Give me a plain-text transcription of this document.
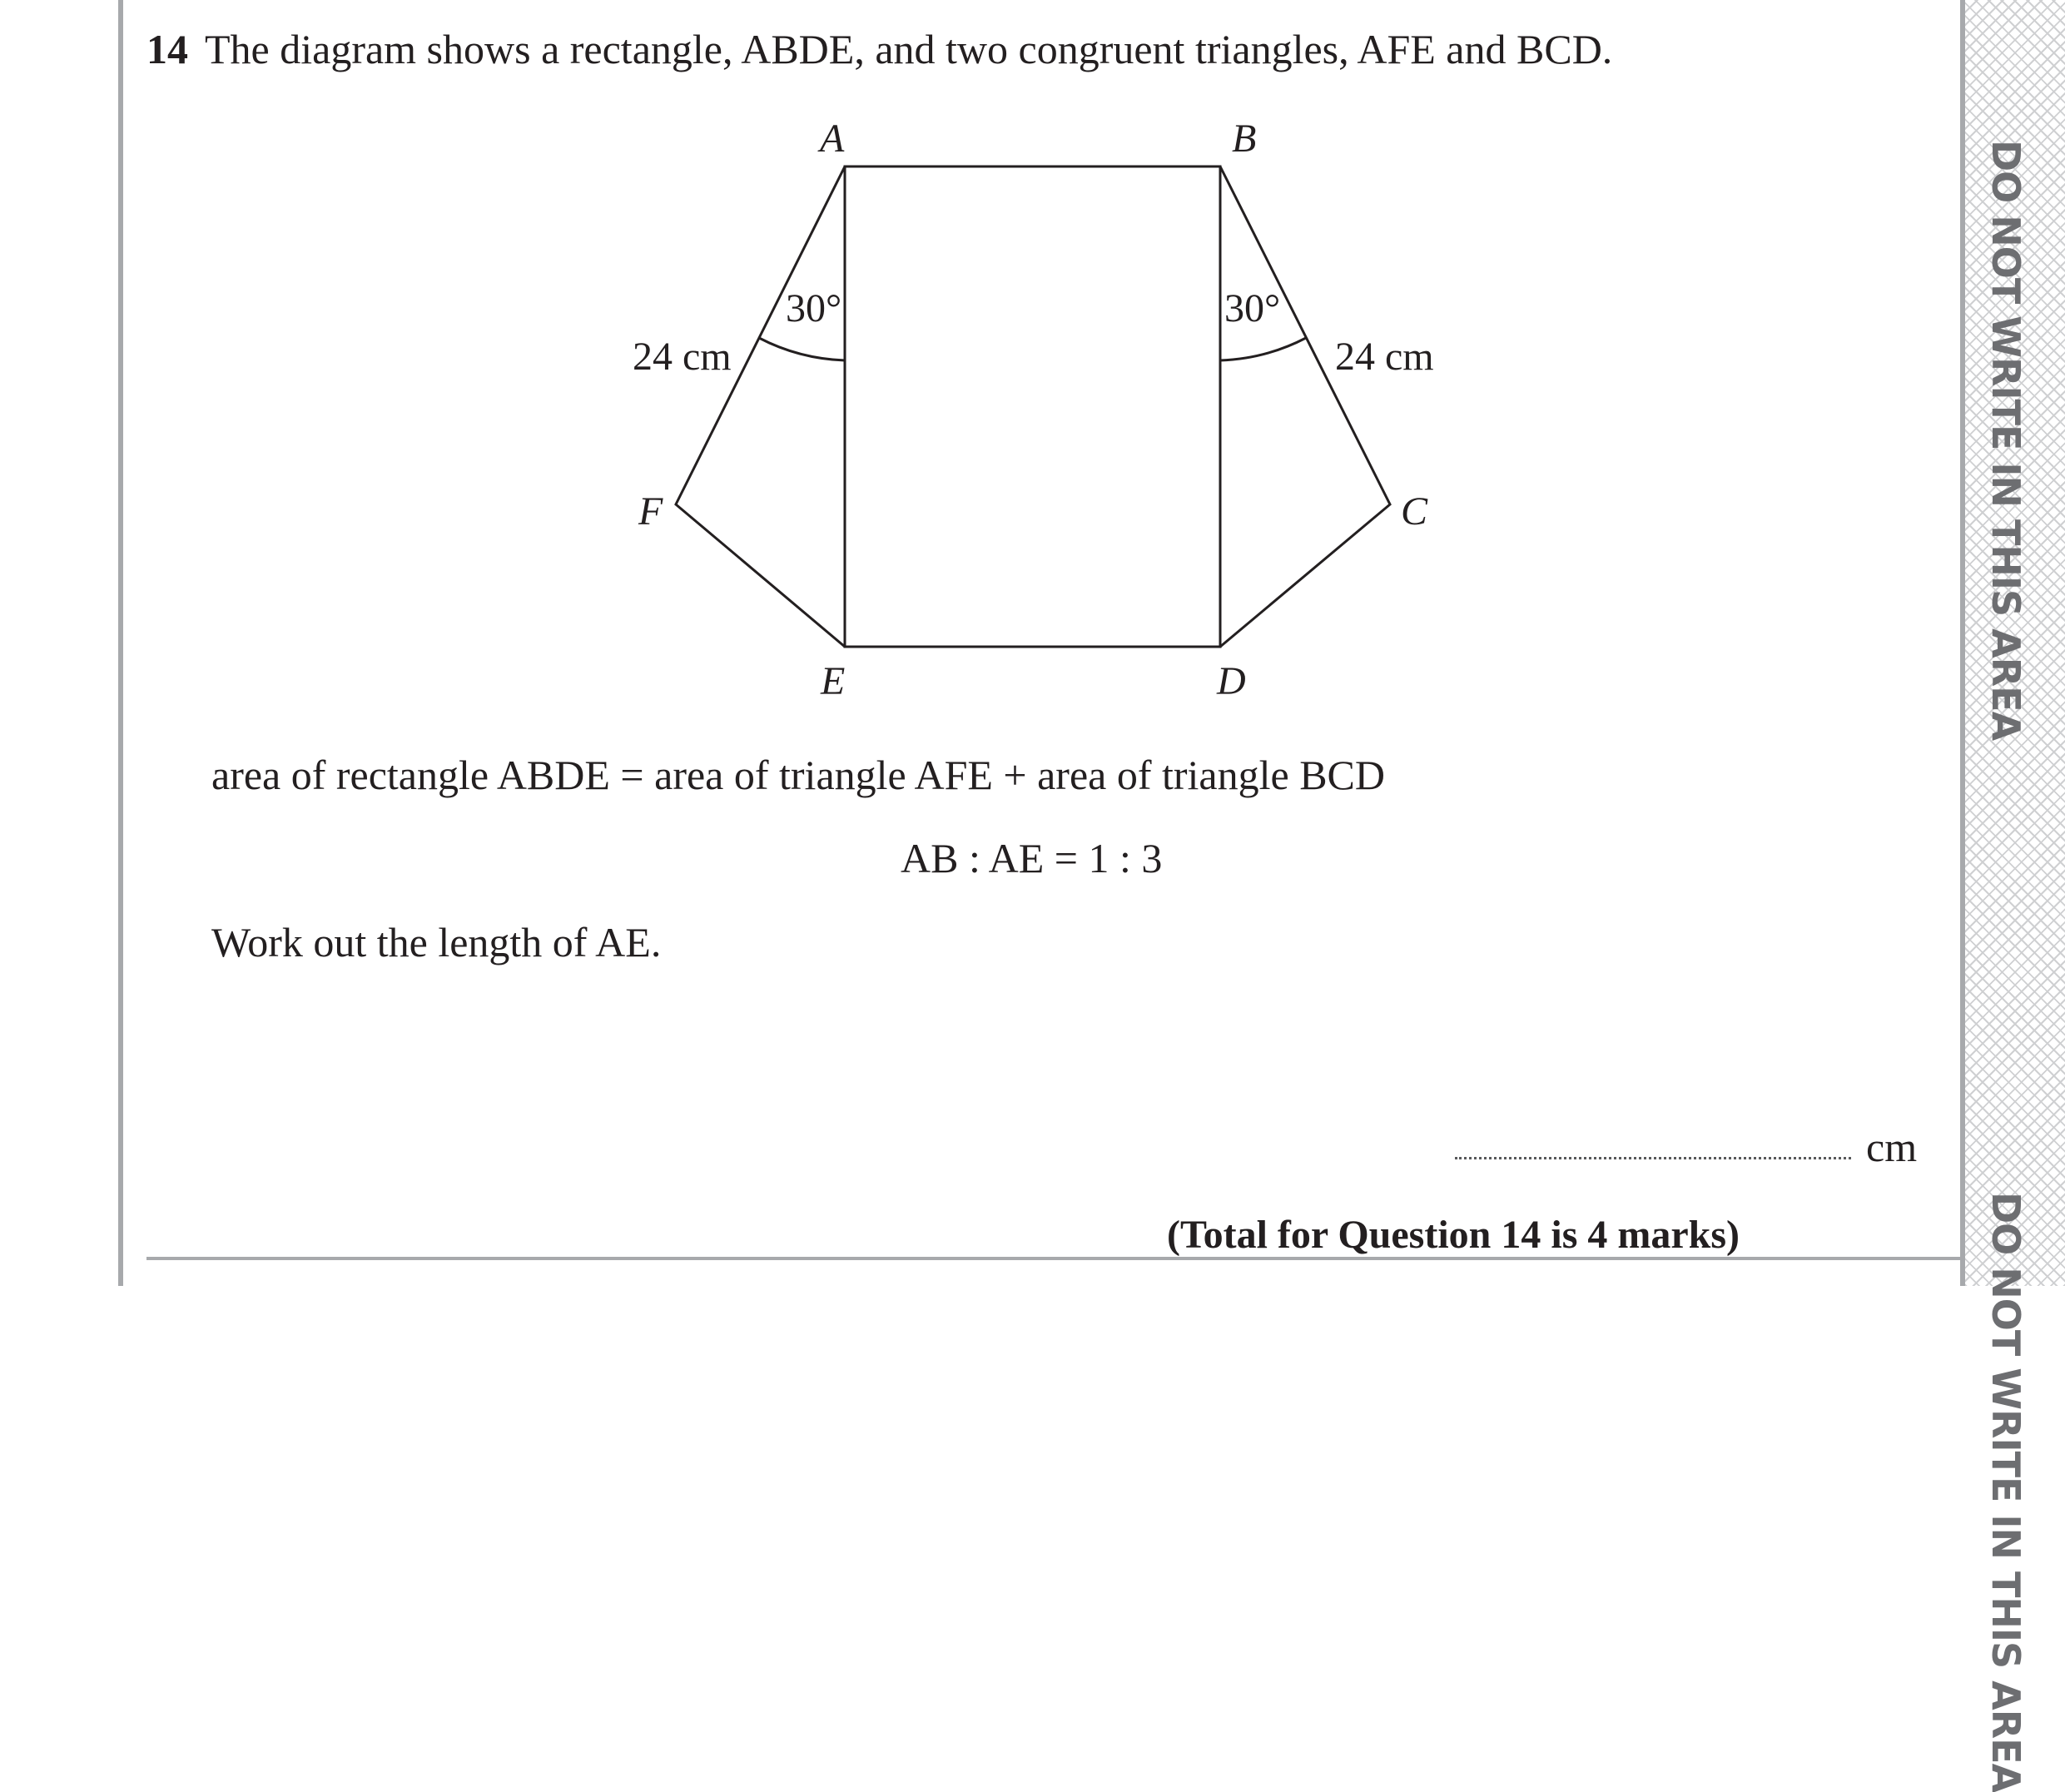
DO NOT WRITE IN THIS AREA
DO NOT WRITE IN THIS AREA
14 The diagram shows a rectangle, ABDE, and two congruent triangles, AFE and BCD.
A	B
C
D
E
F
30°	30°
24 cm	24 cm
area of rectangle ABDE = area of triangle AFE + area of triangle BCD
AB : AE = 1 : 3
Work out the length of AE.
cm
(Total for Question 14 is 4 marks)
